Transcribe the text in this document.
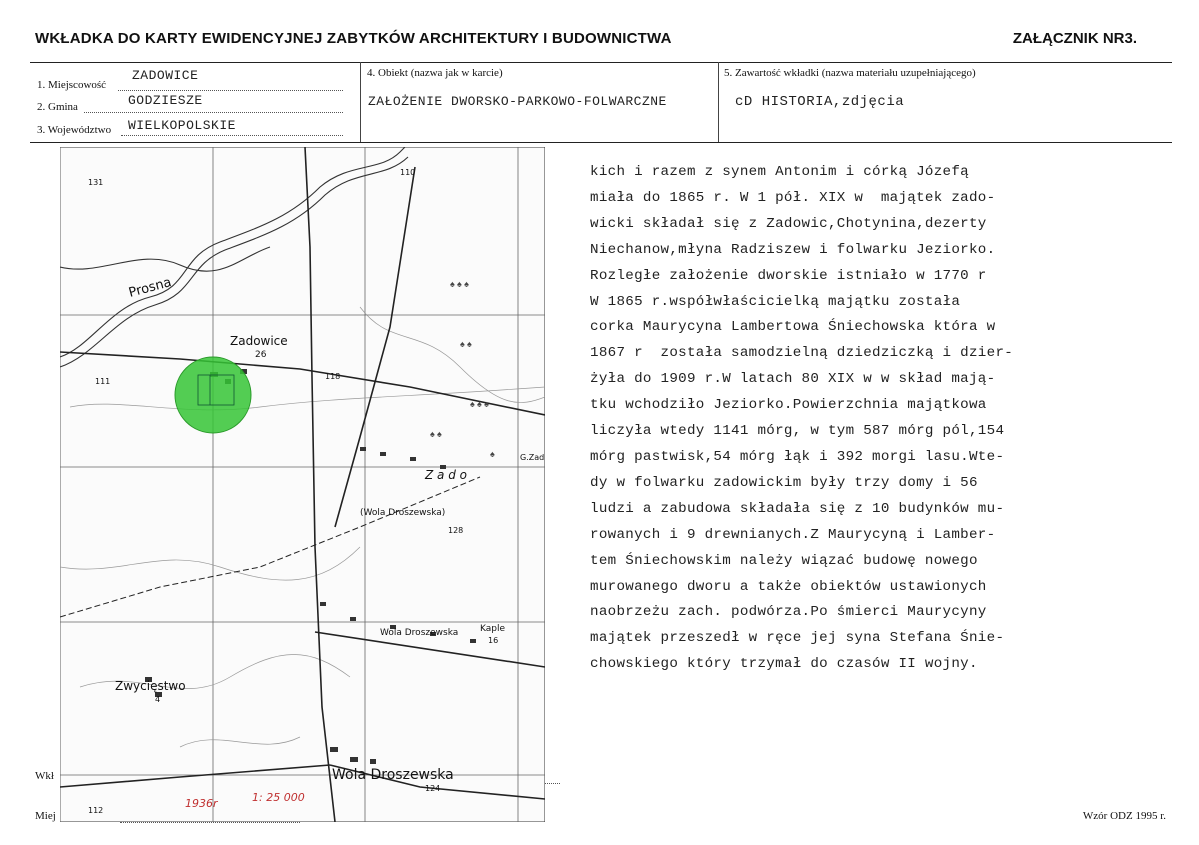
WKŁADKA DO KARTY EWIDENCYJNEJ ZABYTKÓW ARCHITEKTURY I BUDOWNICTWA	ZAŁĄCZNIK NR3.
1. Miejscowość
ZADOWICE
2. Gmina	GODZIESZE
3. Województwo WIELKOPOLSKIE
4. Obiekt (nazwa jak w karcie)
ZAŁOŻENIE DWORSKO-PARKOWO-FOLWARCZNE
5. Zawartość wkładki (nazwa materiału uzupełniającego)
cD HISTORIA,zdjęcia
Wkł
Miej
♠ ♠ ♠
♠ ♠
♠ ♠ ♠
♠ ♠
♠
Prosna
Zadowice
26
118
110
111
131
G.Zad
Z a d o
(Wola Droszewska)
128
Wola Droszewska Kaple
16
Zwycięstwo
4
Wola Droszewska
124
112
1936r	1: 25 000
kich i razem z synem Antonim i córką Józefą
miała do 1865 r. W 1 pół. XIX w  majątek zado-
wicki składał się z Zadowic,Chotynina,dezerty
Niechanow,młyna Radziszew i folwarku Jeziorko.
Rozległe założenie dworskie istniało w 1770 r
W 1865 r.współwłaścicielką majątku została
corka Maurycyna Lambertowa Śniechowska która w
1867 r  została samodzielną dziedziczką i dzier-
żyła do 1909 r.W latach 80 XIX w w skład mają-
tku wchodziło Jeziorko.Powierzchnia majątkowa
liczyła wtedy 1141 mórg, w tym 587 mórg pól,154
mórg pastwisk,54 mórg łąk i 392 morgi lasu.Wte-
dy w folwarku zadowickim były trzy domy i 56
ludzi a zabudowa składała się z 10 budynków mu-
rowanych i 9 drewnianych.Z Maurycyną i Lamber-
tem Śniechowskim należy wiązać budowę nowego
murowanego dworu a także obiektów ustawionych
naobrzeżu zach. podwórza.Po śmierci Maurycyny
majątek przeszedł w ręce jej syna Stefana Śnie-
chowskiego który trzymał do czasów II wojny.
Wzór ODZ 1995 r.
